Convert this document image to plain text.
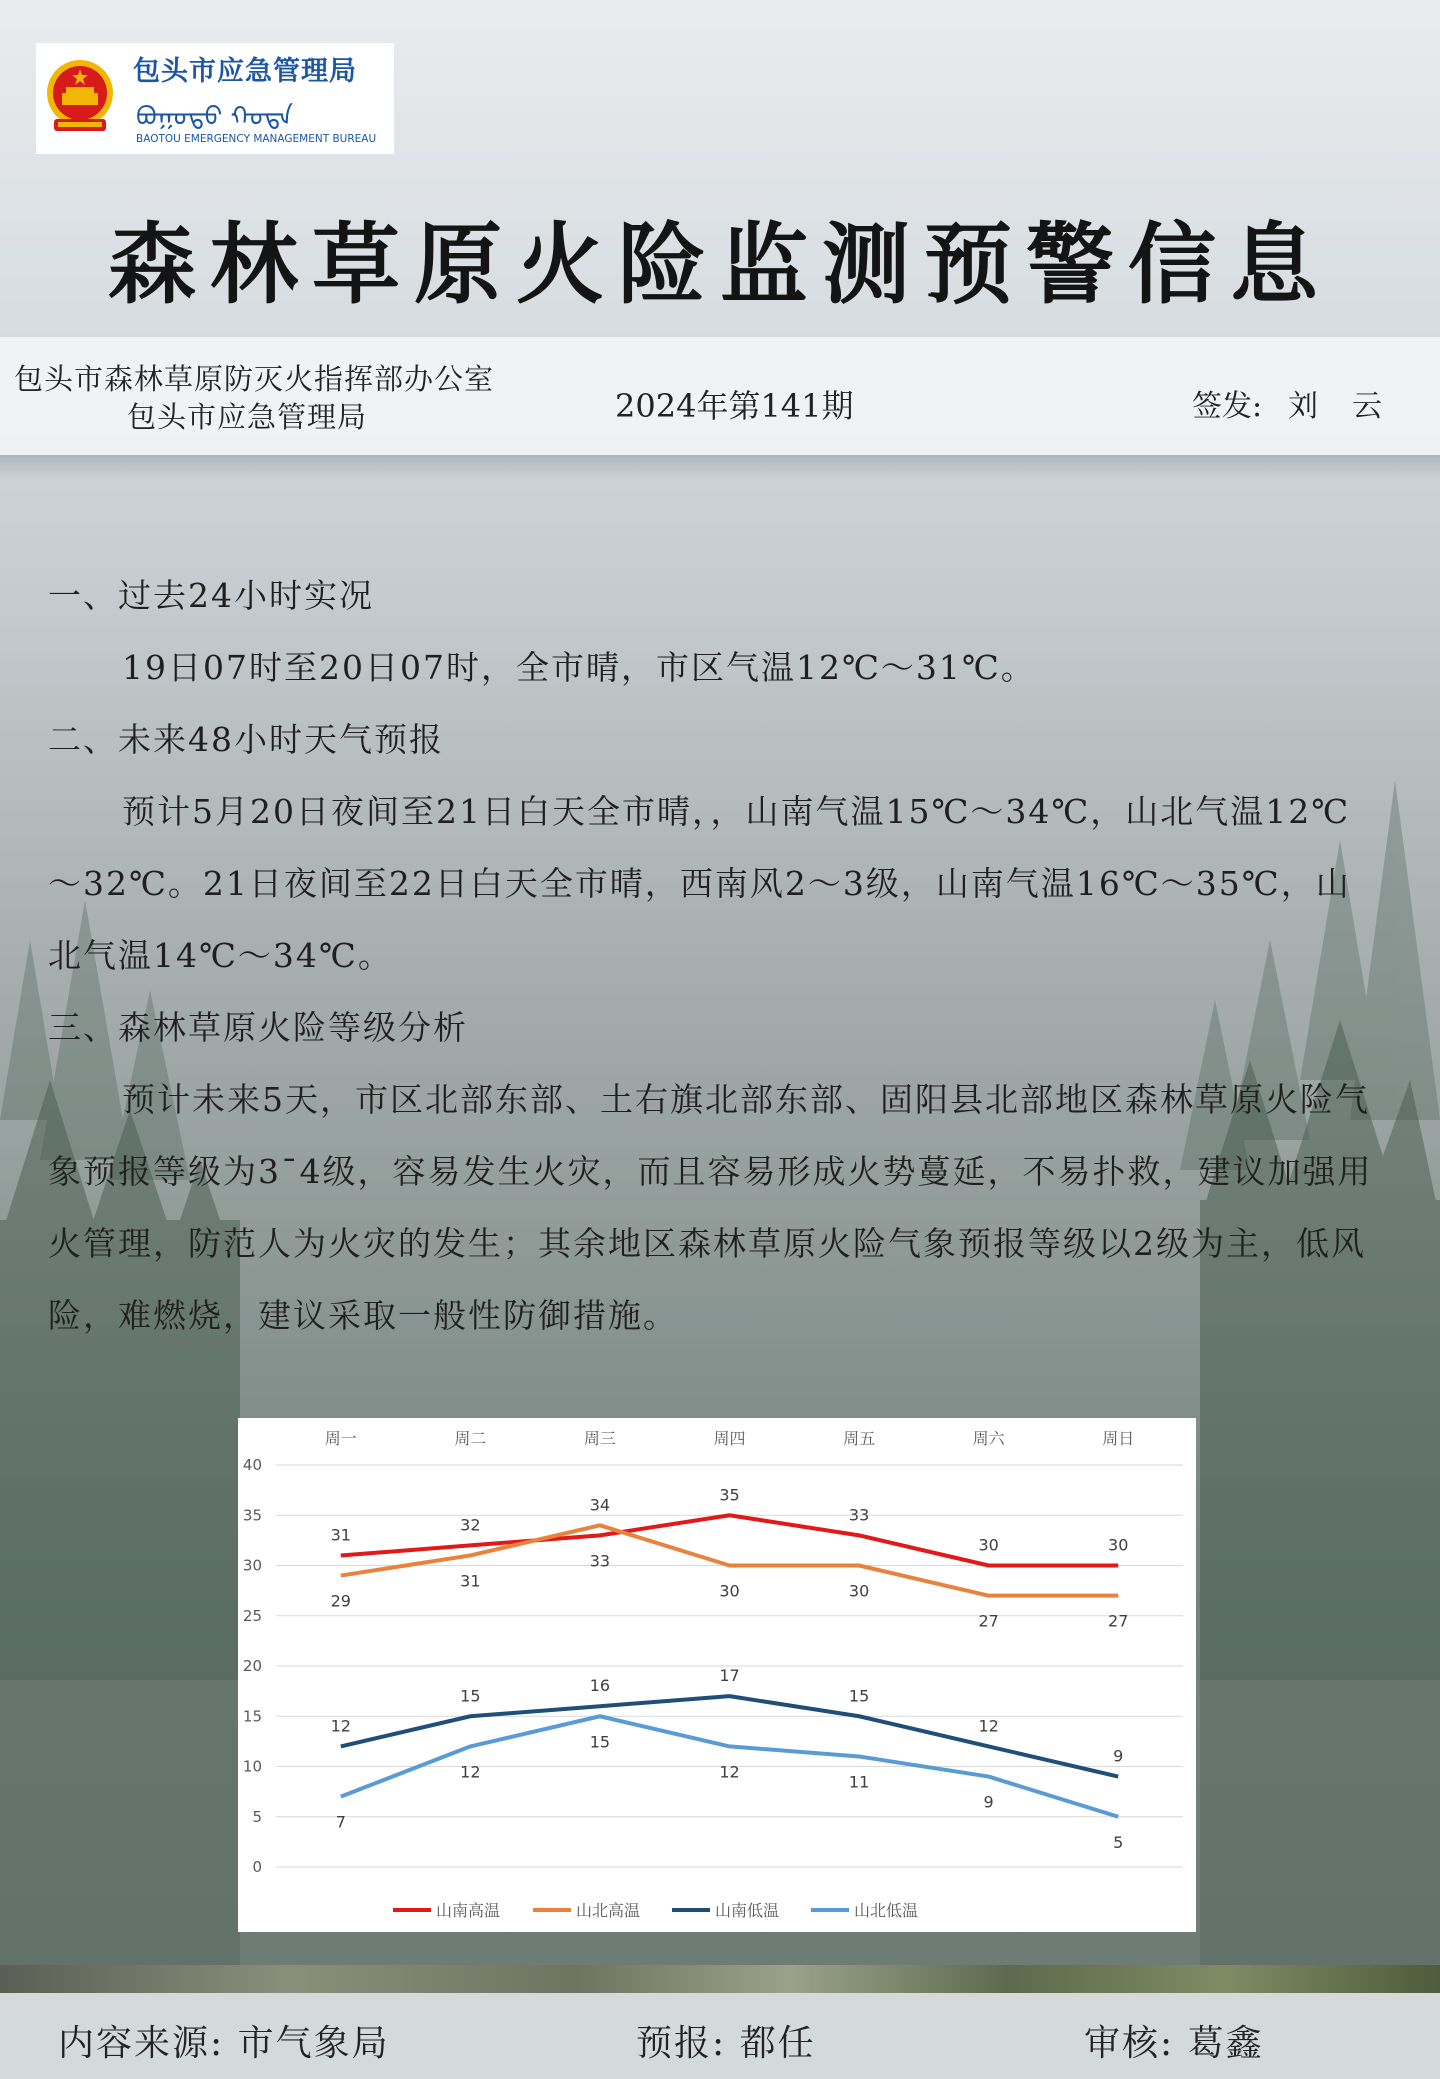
包头市应急管理局
ᠪᠤᠭᠤᠲᠤ ᠬᠤᠳᠠ
BAOTOU EMERGENCY MANAGEMENT BUREAU
森林草原火险监测预警信息
包头市森林草原防灭火指挥部办公室
包头市应急管理局	2024年第141期	签发: 刘　云
一、过去24小时实况

19日07时至20日07时，全市晴，市区气温12℃～31℃。

二、未来48小时天气预报

预计5月20日夜间至21日白天全市晴，，山南气温15℃～34℃，山北气温12℃～32℃。21日夜间至22日白天全市晴，西南风2～3级，山南气温16℃～35℃，山北气温14℃～34℃。

三、森林草原火险等级分析

预计未来5天，市区北部东部、土右旗北部东部、固阳县北部地区森林草原火险气象预报等级为3¯4级，容易发生火灾，而且容易形成火势蔓延，不易扑救，建议加强用火管理，防范人为火灾的发生；其余地区森林草原火险气象预报等级以2级为主，低风险，难燃烧，建议采取一般性防御措施。

0
5
10
15
20
25
30
35
40
周一	周二	周三	周四	周五	周六	周日
31
32
33
35
33
30	30
29
31
34
30	30
27	27
12
15
16
17
15
12
9
7
12
15
12
11
9
5
山南高温	山北高温	山南低温	山北低温
内容来源: 市气象局	预报: 都任	审核: 葛鑫
